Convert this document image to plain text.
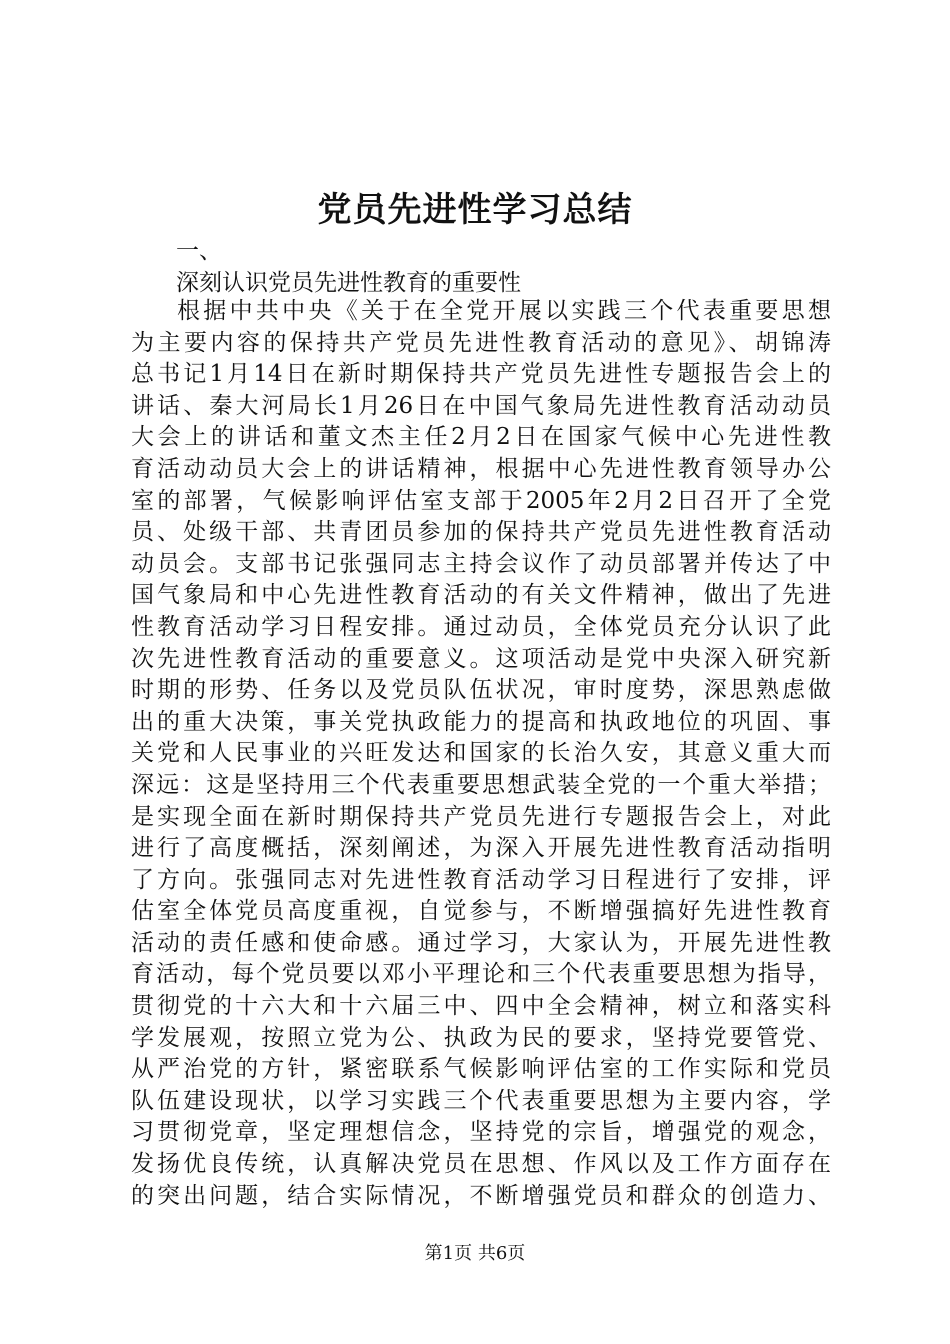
党员先进性学习总结
一、
深刻认识党员先进性教育的重要性
根据中共中央《关于在全党开展以实践三个代表重要思想
为主要内容的保持共产党员先进性教育活动的意见》、胡锦涛
总书记1月14日在新时期保持共产党员先进性专题报告会上的
讲话、秦大河局长1月26日在中国气象局先进性教育活动动员
大会上的讲话和董文杰主任2月2日在国家气候中心先进性教
育活动动员大会上的讲话精神，根据中心先进性教育领导办公
室的部署，气候影响评估室支部于2005年2月2日召开了全党
员、处级干部、共青团员参加的保持共产党员先进性教育活动
动员会。支部书记张强同志主持会议作了动员部署并传达了中
国气象局和中心先进性教育活动的有关文件精神，做出了先进
性教育活动学习日程安排。通过动员，全体党员充分认识了此
次先进性教育活动的重要意义。这项活动是党中央深入研究新
时期的形势、任务以及党员队伍状况，审时度势，深思熟虑做
出的重大决策，事关党执政能力的提高和执政地位的巩固、事
关党和人民事业的兴旺发达和国家的长治久安，其意义重大而
深远：这是坚持用三个代表重要思想武装全党的一个重大举措；
是实现全面在新时期保持共产党员先进行专题报告会上，对此
进行了高度概括，深刻阐述，为深入开展先进性教育活动指明
了方向。张强同志对先进性教育活动学习日程进行了安排，评
估室全体党员高度重视，自觉参与，不断增强搞好先进性教育
活动的责任感和使命感。通过学习，大家认为，开展先进性教
育活动，每个党员要以邓小平理论和三个代表重要思想为指导，
贯彻党的十六大和十六届三中、四中全会精神，树立和落实科
学发展观，按照立党为公、执政为民的要求，坚持党要管党、
从严治党的方针，紧密联系气候影响评估室的工作实际和党员
队伍建设现状，以学习实践三个代表重要思想为主要内容，学
习贯彻党章，坚定理想信念，坚持党的宗旨，增强党的观念，
发扬优良传统，认真解决党员在思想、作风以及工作方面存在
的突出问题，结合实际情况，不断增强党员和群众的创造力、
第1页 共6页
